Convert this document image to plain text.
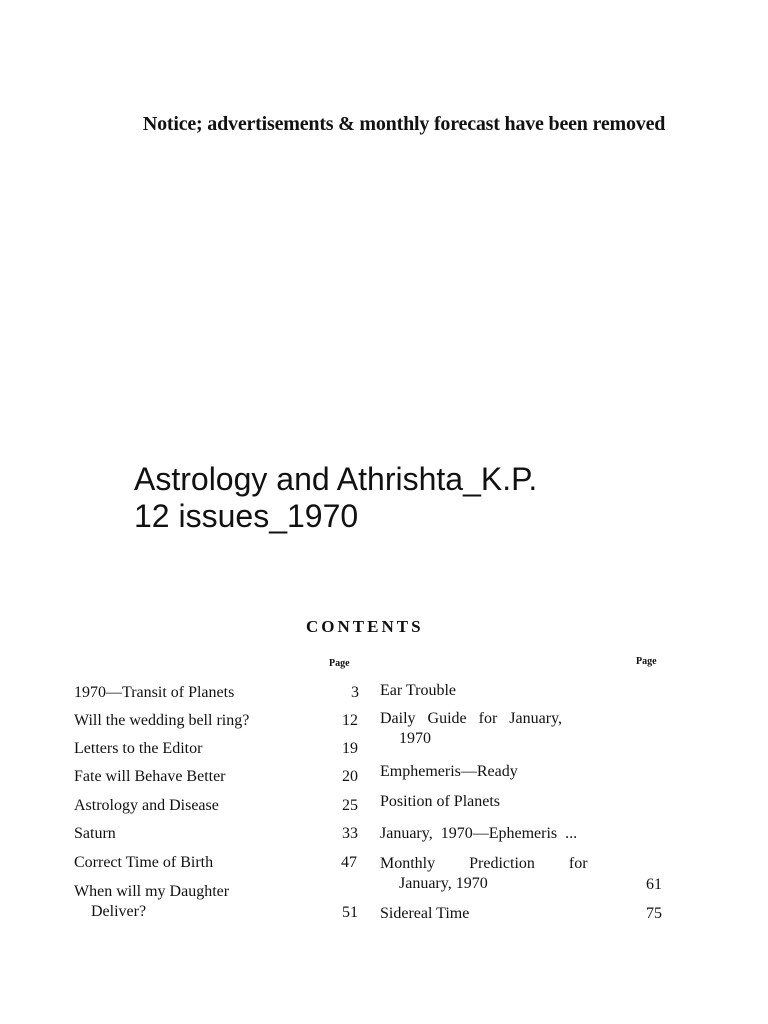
Notice; advertisements & monthly forecast have been removed
Astrology and Athrishta_K.P.
12 issues_1970
CONTENTS
Page	Page
1970—Transit of Planets	3
Will the wedding bell ring?	12
Letters to the Editor	19
Fate will Behave Better	20
Astrology and Disease	25
Saturn	33
Correct Time of Birth	47
When will my Daughter
Deliver?	51
Ear Trouble
Daily Guide for January,
1970
Emphemeris—Ready
Position of Planets
January, 1970—Ephemeris ...
Monthly Prediction for
January, 1970	61
Sidereal Time	75
